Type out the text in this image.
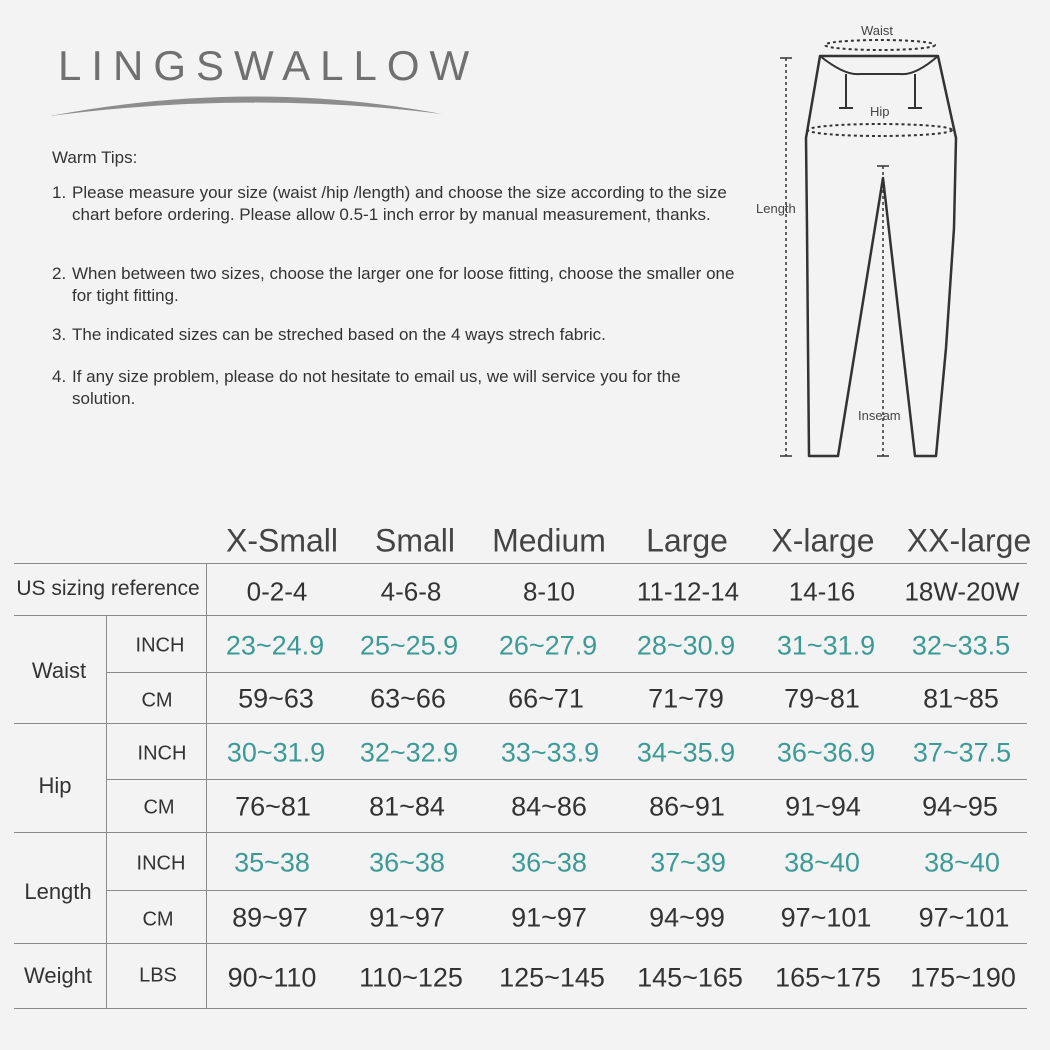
LINGSWALLOW
Warm Tips:
1. Please measure your size (waist /hip /length) and choose the size according to the size chart before ordering. Please allow 0.5-1 inch error by manual measurement, thanks.
2. When between two sizes, choose the larger one for loose fitting, choose the smaller one for tight fitting.
3. The indicated sizes can be streched based on the 4 ways strech fabric.
4. If any size problem, please do not hesitate to email us, we will service you for the solution.
Waist
Hip
Length
Inseam
X-Small Small Medium Large X-large XX-large
US sizing reference 0-2-4	4-6-8	8-10 11-12-14 14-16 18W-20W
Waist
INCH
CM
23~24.9 25~25.9 26~27.9 28~30.9 31~31.9 32~33.5
59~63 63~66 66~71 71~79 79~81 81~85
Hip
INCH
CM
30~31.9 32~32.9 33~33.9 34~35.9 36~36.9 37~37.5
76~81 81~84 84~86 86~91 91~94 94~95
Length
INCH
CM
35~38 36~38 36~38 37~39 38~40 38~40
89~97 91~97 91~97 94~99 97~101 97~101
Weight LBS 90~110 110~125 125~145 145~165 165~175 175~190
